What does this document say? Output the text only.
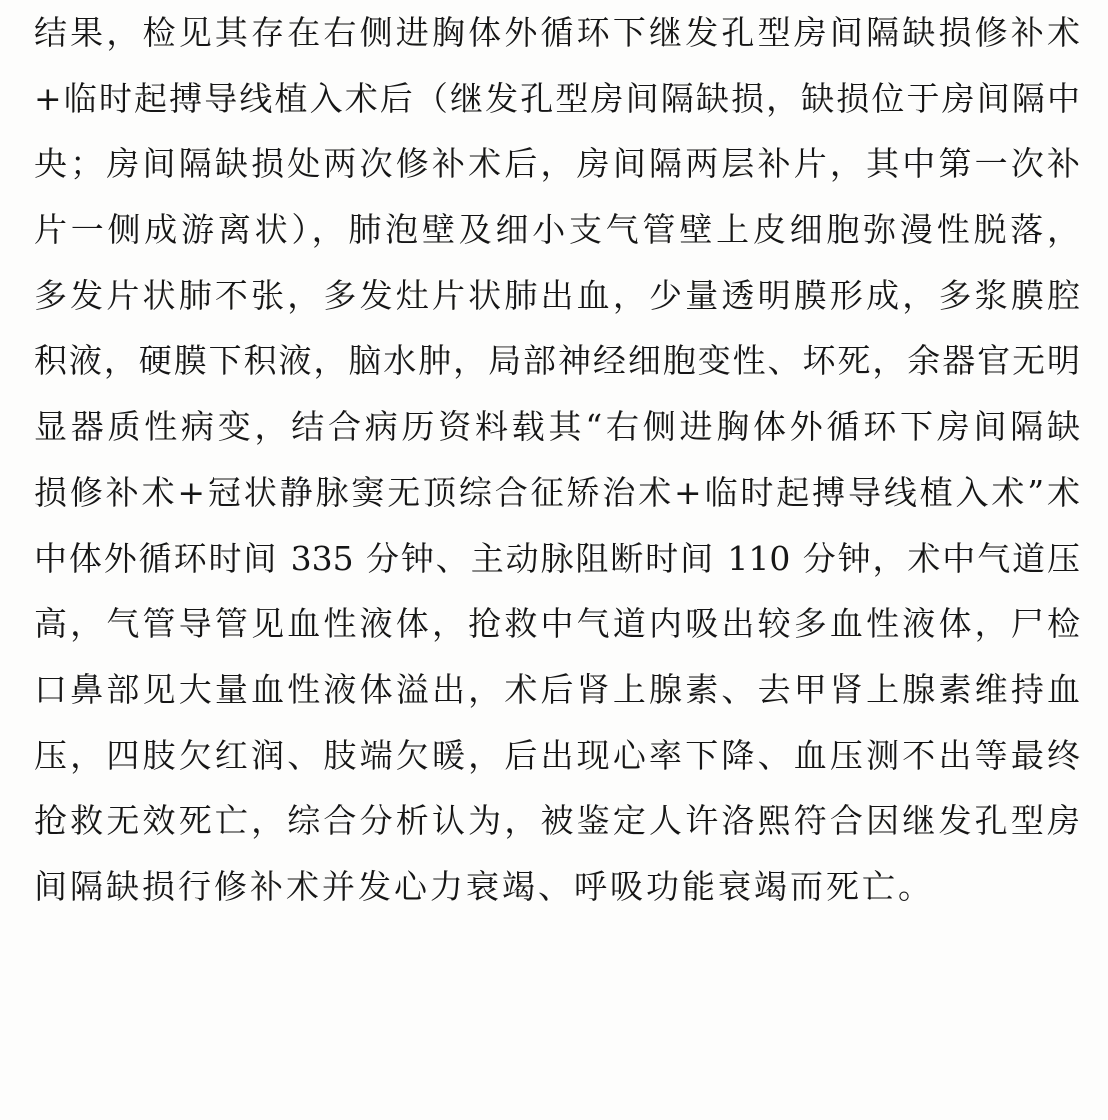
结果，检见其存在右侧进胸体外循环下继发孔型房间隔缺损修补术
+临时起搏导线植入术后（继发孔型房间隔缺损，缺损位于房间隔中
央；房间隔缺损处两次修补术后，房间隔两层补片，其中第一次补
片一侧成游离状），肺泡壁及细小支气管壁上皮细胞弥漫性脱落，
多发片状肺不张，多发灶片状肺出血，少量透明膜形成，多浆膜腔
积液，硬膜下积液，脑水肿，局部神经细胞变性、坏死，余器官无明
显器质性病变，结合病历资料载其“右侧进胸体外循环下房间隔缺
损修补术+冠状静脉窦无顶综合征矫治术+临时起搏导线植入术”术
中体外循环时间 335 分钟、主动脉阻断时间 110 分钟，术中气道压
高，气管导管见血性液体，抢救中气道内吸出较多血性液体，尸检
口鼻部见大量血性液体溢出，术后肾上腺素、去甲肾上腺素维持血
压，四肢欠红润、肢端欠暖，后出现心率下降、血压测不出等最终
抢救无效死亡，综合分析认为，被鉴定人许洛熙符合因继发孔型房
间隔缺损行修补术并发心力衰竭、呼吸功能衰竭而死亡。
